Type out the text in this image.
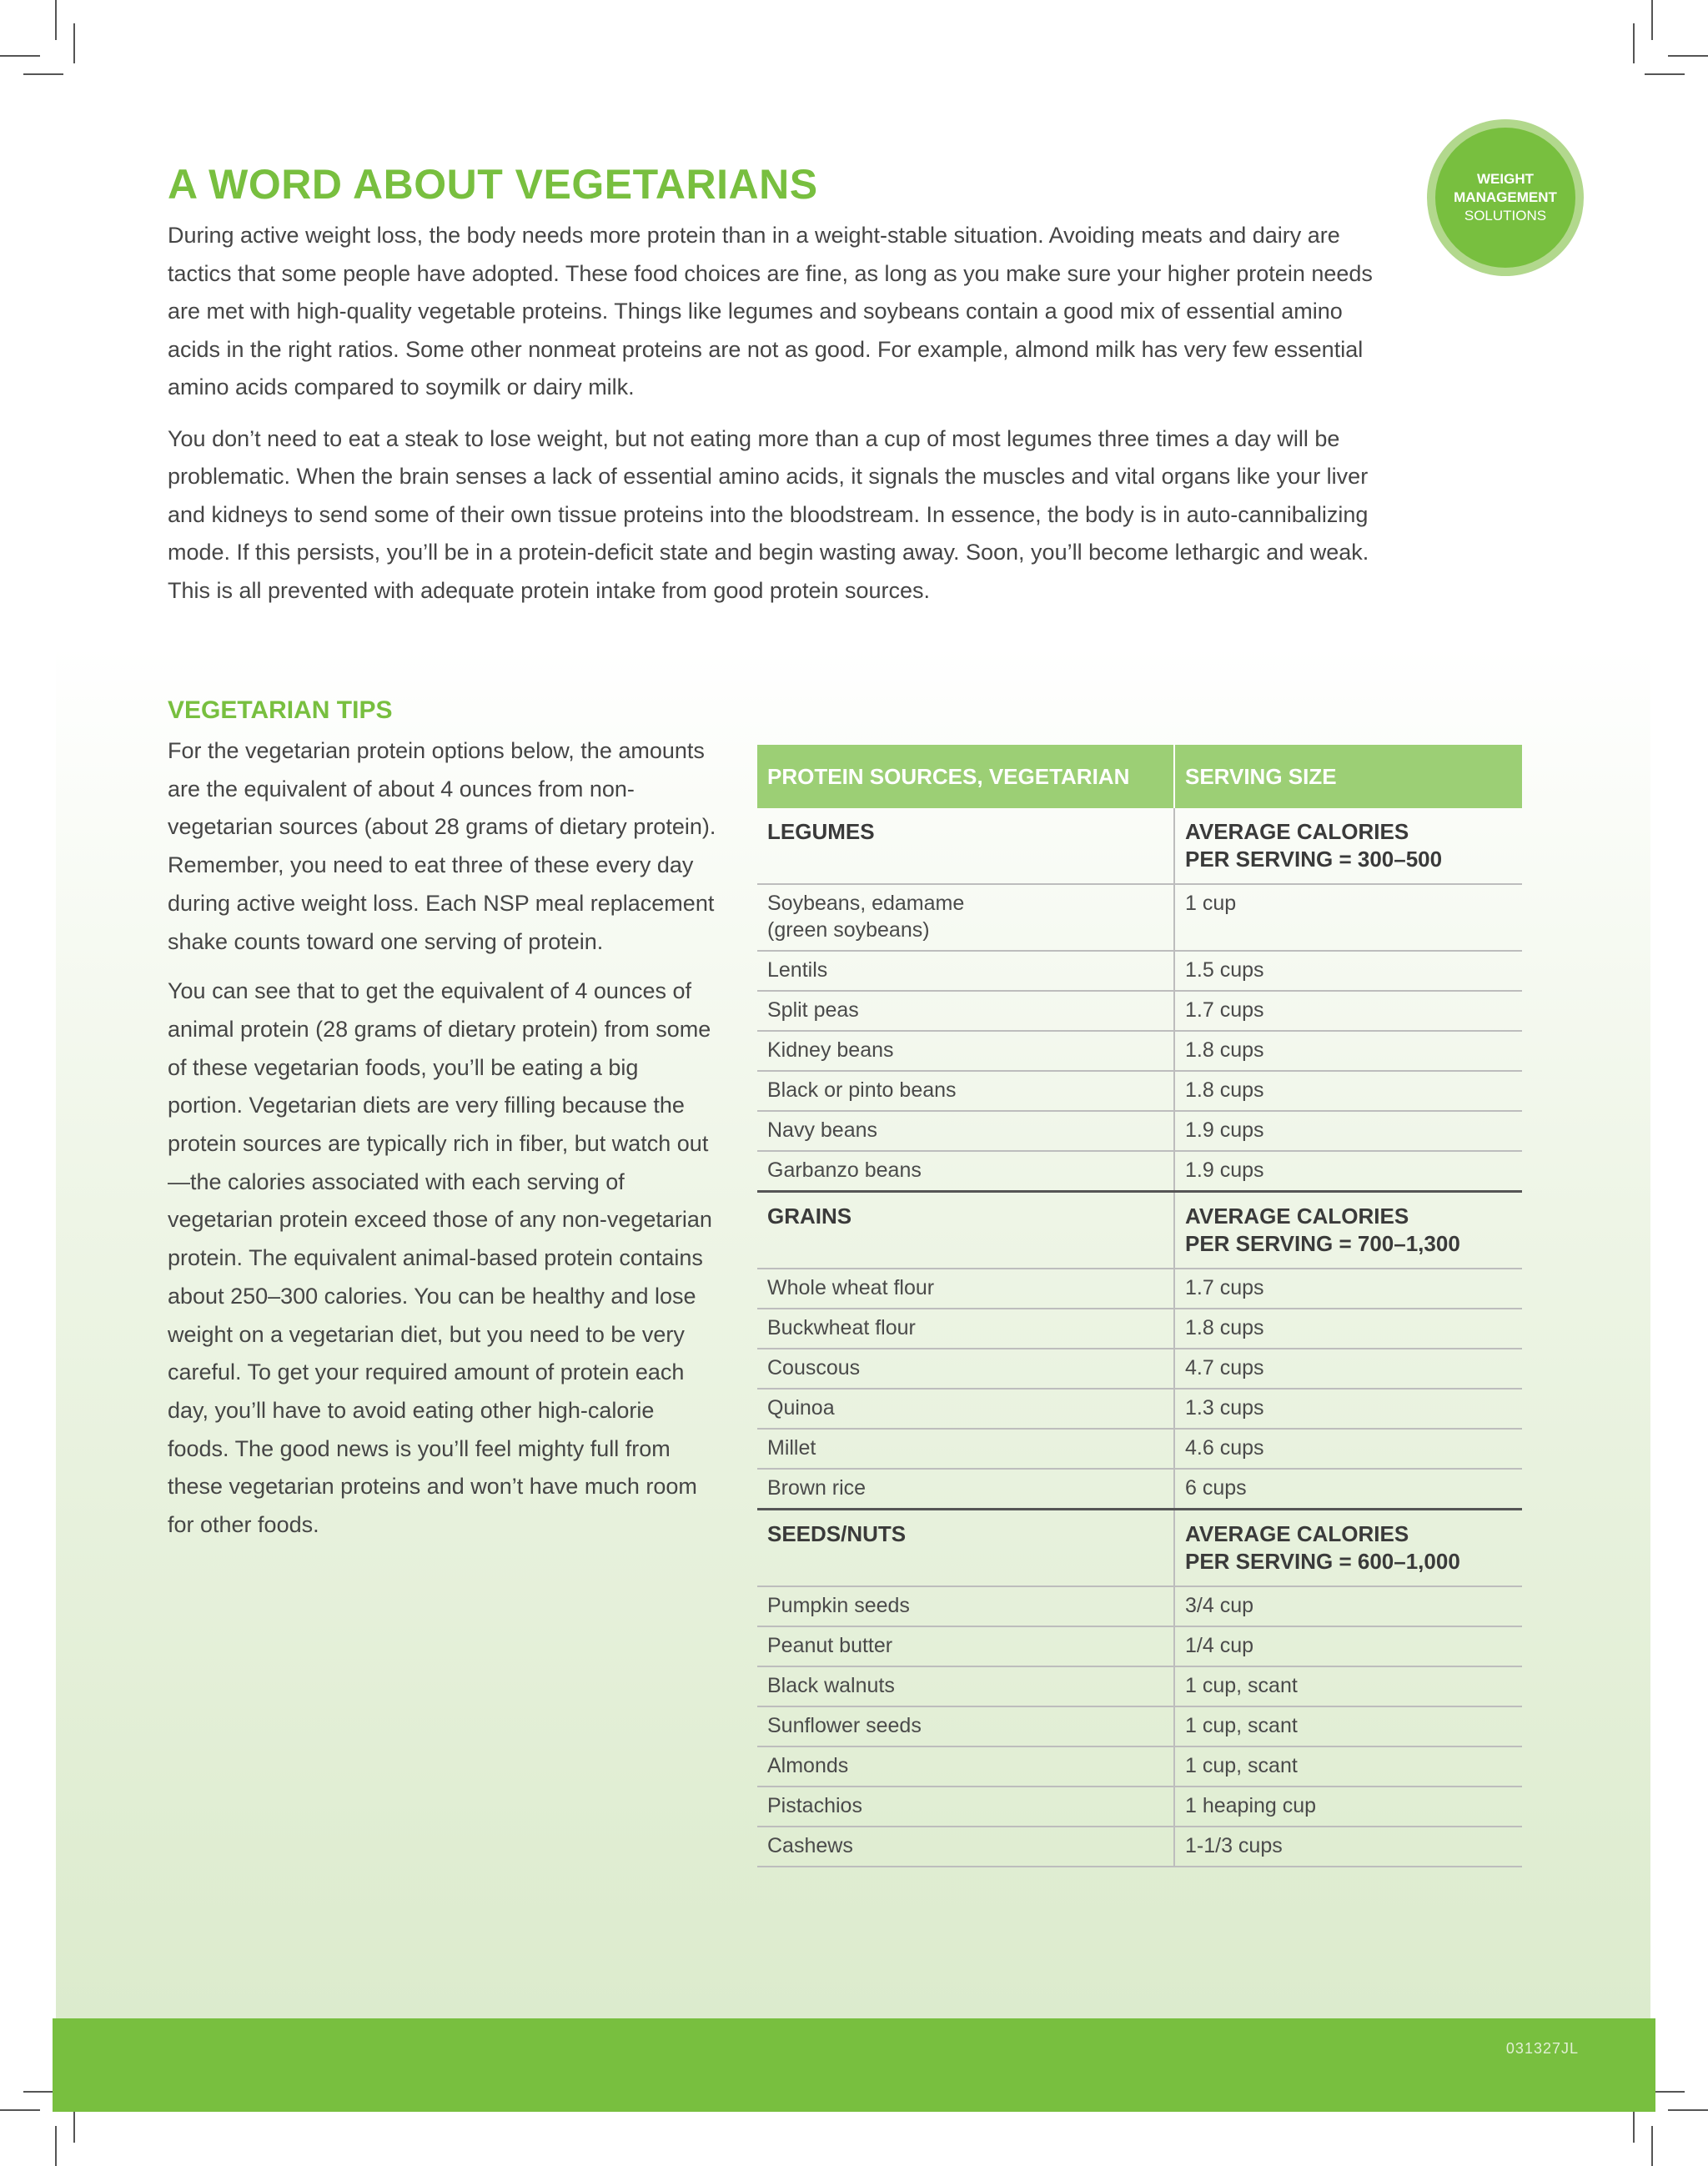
WEIGHT
MANAGEMENT
SOLUTIONS
A WORD ABOUT VEGETARIANS

During active weight loss, the body needs more protein than in a weight-stable situation. Avoiding meats and dairy are tactics that some people have adopted. These food choices are fine, as long as you make sure your higher protein needs are met with high-quality vegetable proteins. Things like legumes and soybeans contain a good mix of essential amino acids in the right ratios. Some other nonmeat proteins are not as good. For example, almond milk has very few essential amino acids compared to soymilk or dairy milk.

You don’t need to eat a steak to lose weight, but not eating more than a cup of most legumes three times a day will be problematic. When the brain senses a lack of essential amino acids, it signals the muscles and vital organs like your liver and kidneys to send some of their own tissue proteins into the bloodstream. In essence, the body is in auto-cannibalizing mode. If this persists, you’ll be in a protein-deficit state and begin wasting away. Soon, you’ll become lethargic and weak. This is all prevented with adequate protein intake from good protein sources.

VEGETARIAN TIPS

For the vegetarian protein options below, the amounts are the equivalent of about 4 ounces from non-vegetarian sources (about 28 grams of dietary protein). Remember, you need to eat three of these every day during active weight loss. Each NSP meal replacement shake counts toward one serving of protein.

You can see that to get the equivalent of 4 ounces of animal protein (28 grams of dietary protein) from some of these vegetarian foods, you’ll be eating a big portion. Vegetarian diets are very filling because the protein sources are typically rich in fiber, but watch out—the calories associated with each serving of vegetarian protein exceed those of any non-vegetarian protein. The equivalent animal-based protein contains about 250–300 calories. You can be healthy and lose weight on a vegetarian diet, but you need to be very careful. To get your required amount of protein each day, you’ll have to avoid eating other high-calorie foods. The good news is you’ll feel mighty full from these vegetarian proteins and won’t have much room for other foods.

PROTEIN SOURCES, VEGETARIAN	SERVING SIZE
LEGUMES	AVERAGE CALORIES
PER SERVING = 300–500

Soybeans, edamame
(green soybeans)	1 cup
Lentils	1.5 cups
Split peas	1.7 cups
Kidney beans	1.8 cups
Black or pinto beans	1.8 cups
Navy beans	1.9 cups
Garbanzo beans	1.9 cups
GRAINS	AVERAGE CALORIES
PER SERVING = 700–1,300

Whole wheat flour	1.7 cups
Buckwheat flour	1.8 cups
Couscous	4.7 cups
Quinoa	1.3 cups
Millet	4.6 cups
Brown rice	6 cups
SEEDS/NUTS	AVERAGE CALORIES
PER SERVING = 600–1,000

Pumpkin seeds	3/4 cup
Peanut butter	1/4 cup
Black walnuts	1 cup, scant
Sunflower seeds	1 cup, scant
Almonds	1 cup, scant
Pistachios	1 heaping cup
Cashews	1-1/3 cups
031327JL
